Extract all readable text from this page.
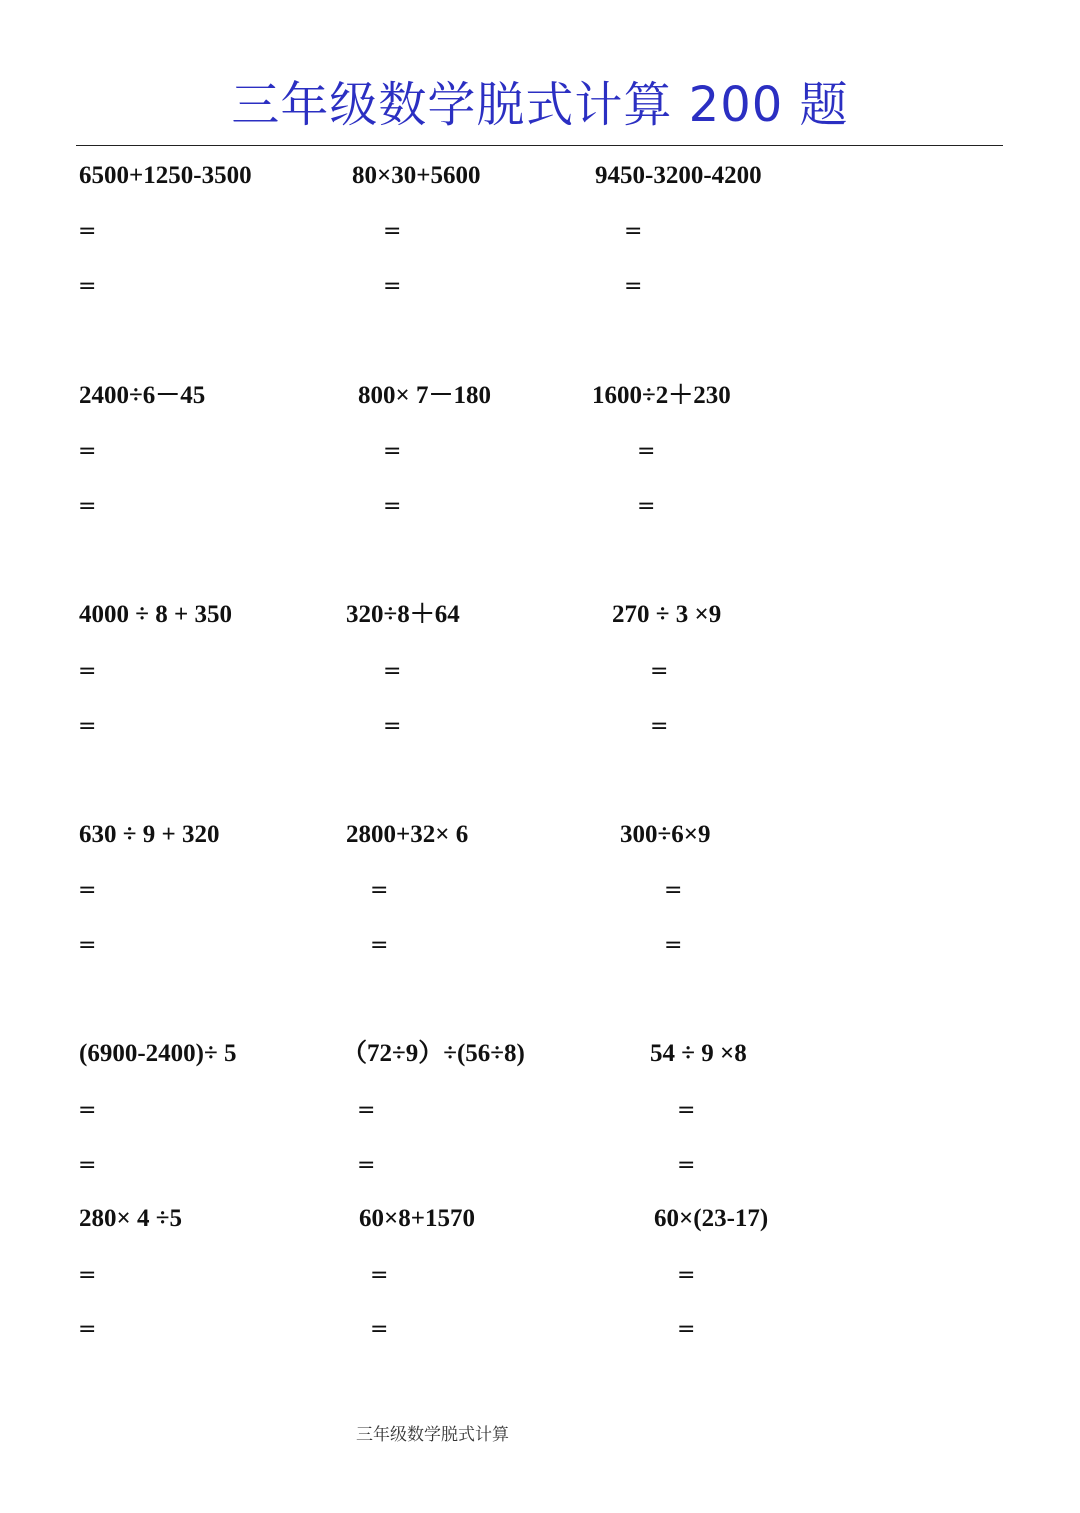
三年级数学脱式计算 200 题
6500+1250-3500
=
=
80×30+5600
=
=
9450-3200-4200
=
=
2400÷6－45
=
=
800× 7－180
=
=
1600÷2＋230
=
=
4000 ÷ 8 + 350
=
=
320÷8＋64
=
=
270 ÷ 3 ×9
=
=
630 ÷ 9 + 320
=
=
2800+32× 6
=
=
300÷6×9
=
=
(6900-2400)÷ 5
=
=
（72÷9）÷(56÷8)
=
=
54 ÷ 9 ×8
=
=
280× 4 ÷5
=
=
60×8+1570
=
=
60×(23-17)
=
=
三年级数学脱式计算
